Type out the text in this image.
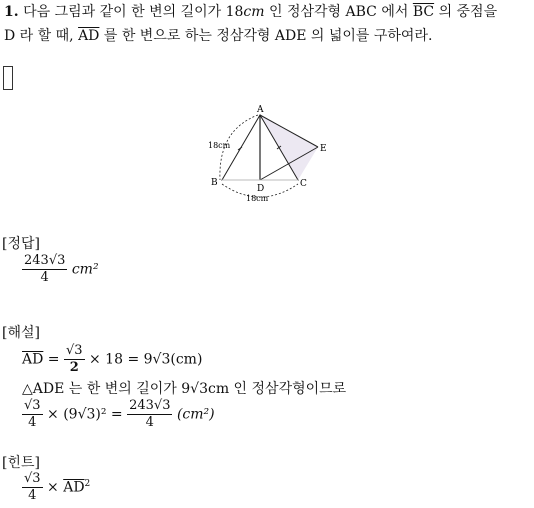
1. 다음 그림과 같이 한 변의 길이가 18cm 인 정삼각형 ABC 에서 $\overline{BC}$ 의 중점을
D 라 할 때, $\overline{AD}$ 를 한 변으로 하는 정삼각형 ADE 의 넓이를 구하여라.
A
B	C
D
E
18cm
18cm
[정답]
$\frac{243√3}{4} cm^2$
[해설]
$\overline{AD} = \frac{√3}{2} \times 18 = 9√3(cm)$
△ADE 는 한 변의 길이가 9√3cm 인 정삼각형이므로
$\frac{√3}{4} \times (9√3)^2 = \frac{243√3}{4} (cm^2)$
[힌트]
$\frac{√3}{4} \times \overline{AD}^2$
